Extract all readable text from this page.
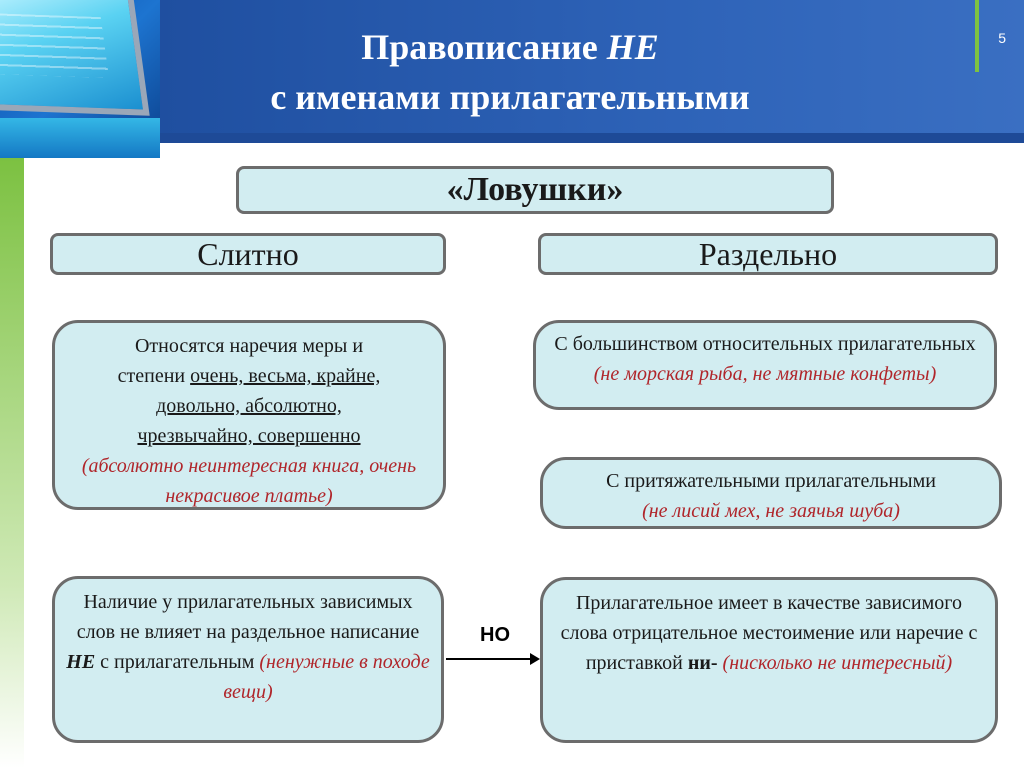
Правописание НЕ
с именами прилагательными
5
«Ловушки»
Слитно	Раздельно
Относятся наречия меры и
степени очень, весьма, крайне,
довольно, абсолютно,
чрезвычайно, совершенно
(абсолютно неинтересная книга, очень некрасивое платье)
С большинством относительных прилагательных (не морская рыба, не мятные конфеты)
С притяжательными прилагательными
(не лисий мех, не заячья шуба)
Наличие у прилагательных зависимых слов не влияет на раздельное написание НЕ с прилагательным (ненужные в походе вещи)
НО
Прилагательное имеет в качестве зависимого слова отрицательное местоимение или наречие с приставкой ни- (нисколько не интересный)
